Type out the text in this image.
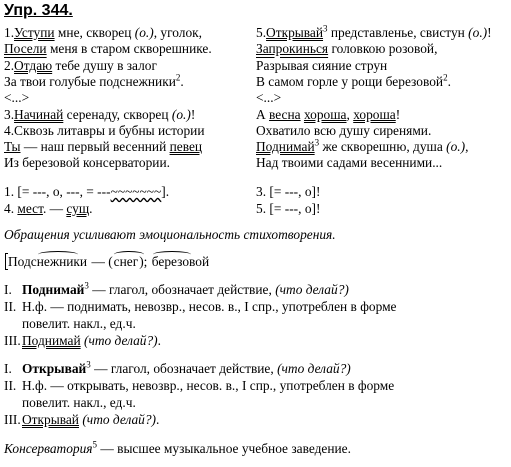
Упр. 344.
1.Уступи мне, скворец (о.), уголок,
Посели меня в старом скворешнике.
2.Отдаю тебе душу в залог
За твои голубые подснежники$^2$.
<...>
3.Начинай серенаду, скворец (о.)!
4.Сквозь литавры и бубны истории
Ты — наш первый весенний певец
Из березовой консерватории.
5.Открывай$^3$ представленье, свистун (о.)!
Запрокинься головкою розовой,
Разрывая сияние струн
В самом горле у рощи березовой$^2$.
<...>
А весна хороша, хороша!
Охватило всю душу сиренями.
Поднимай$^3$ же скворешню, душа (о.),
Над твоими садами весенними...
1. [= ---, о, ---, = ---~~~~~~~].
4. мест. — сущ.
3. [= ---, о]!
5. [= ---, о]!
Обращения усиливают эмоциональность стихотворения.
Подснежники
— (снег
); березовой
I. Поднимай$^3$ — глагол, обозначает действие, (что делай?)
II. Н.ф. — поднимать, невозвр., несов. в., I спр., употреблен в форме
повелит. накл., ед.ч.
III.Поднимай (что делай?).
I. Открывай$^3$ — глагол, обозначает действие, (что делай?)
II. Н.ф. — открывать, невозвр., несов. в., I спр., употреблен в форме
повелит. накл., ед.ч.
III.Открывай (что делай?).
Консерватория$^5$ — высшее музыкальное учебное заведение.
